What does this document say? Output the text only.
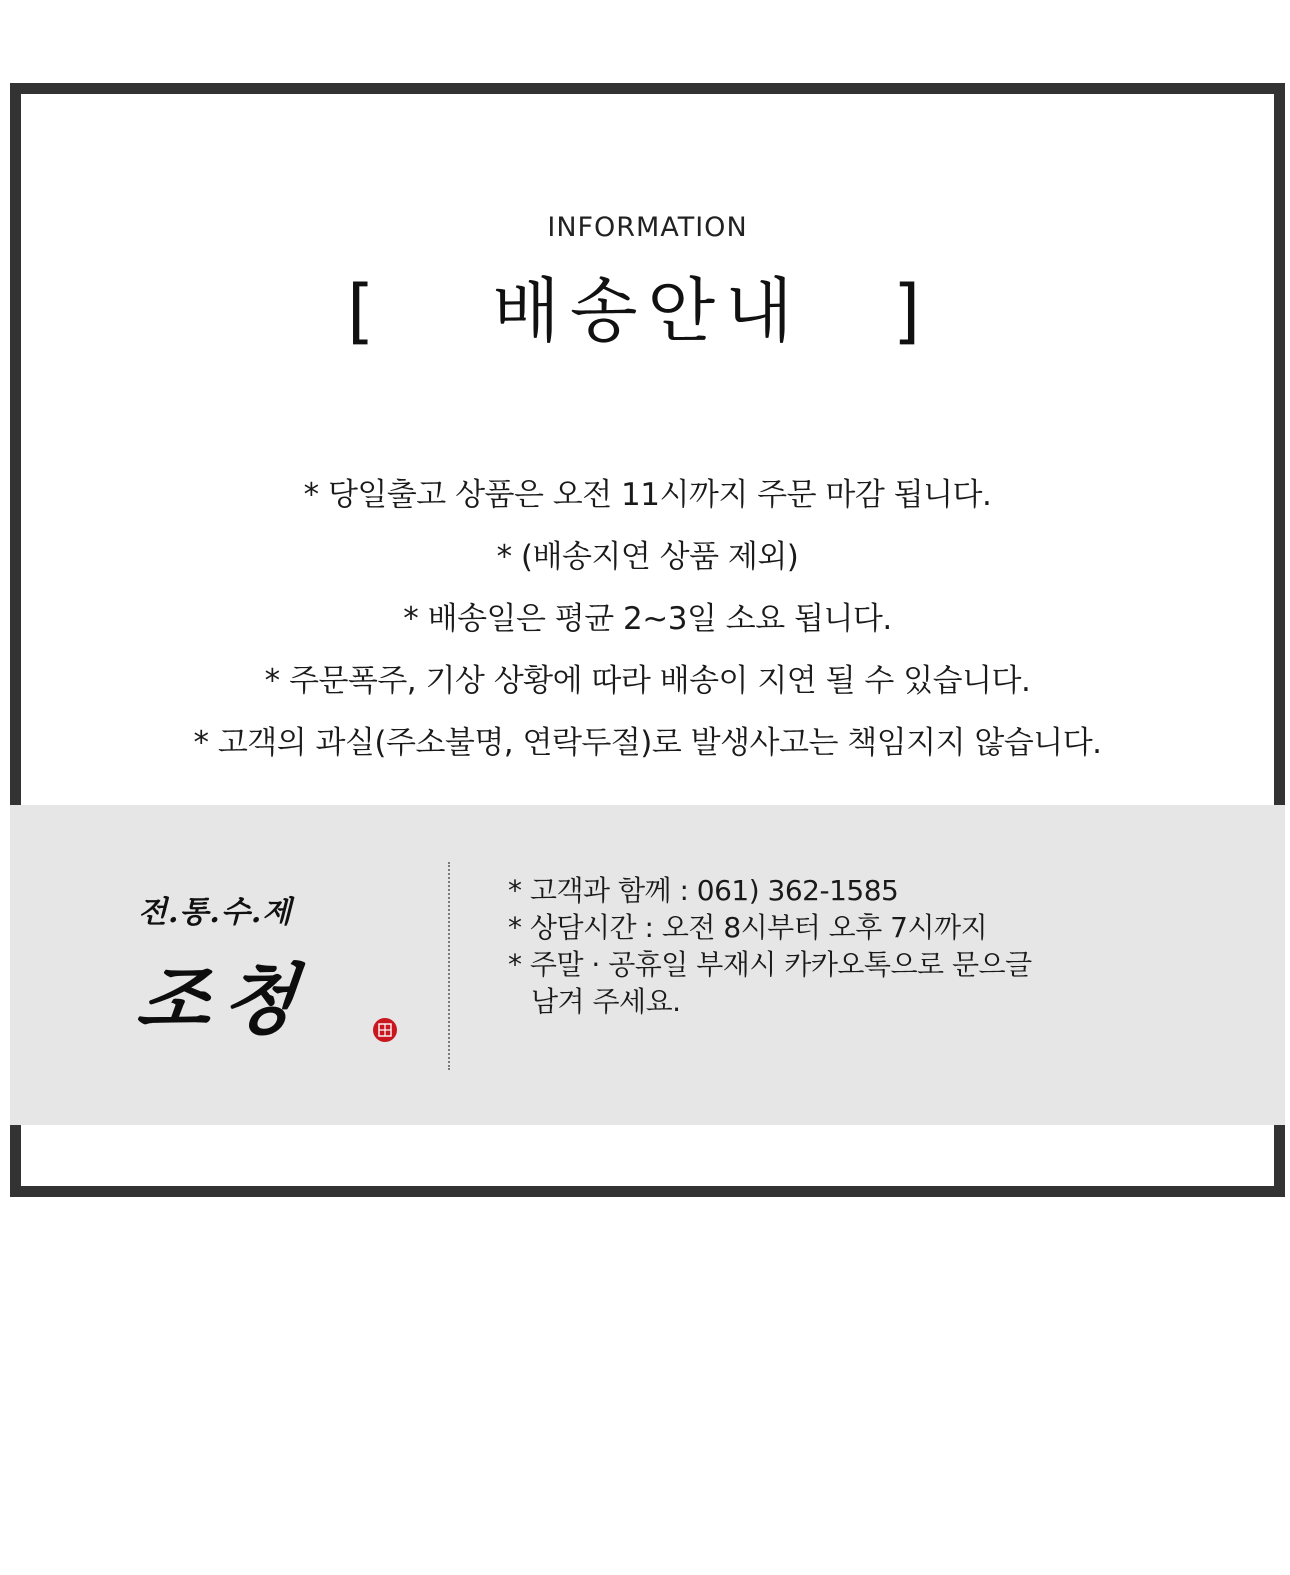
INFORMATION
[ 배송안내 ]
* 당일출고 상품은 오전 11시까지 주문 마감 됩니다.
* (배송지연 상품 제외)
* 배송일은 평균 2~3일 소요 됩니다.
* 주문폭주, 기상 상황에 따라 배송이 지연 될 수 있습니다.
* 고객의 과실(주소불명, 연락두절)로 발생사고는 책임지지 않습니다.
전.통.수.제
조청
* 고객과 함께 : 061) 362-1585
* 상담시간 : 오전 8시부터 오후 7시까지
* 주말 · 공휴일 부재시 카카오톡으로 문으글
남겨 주세요.
